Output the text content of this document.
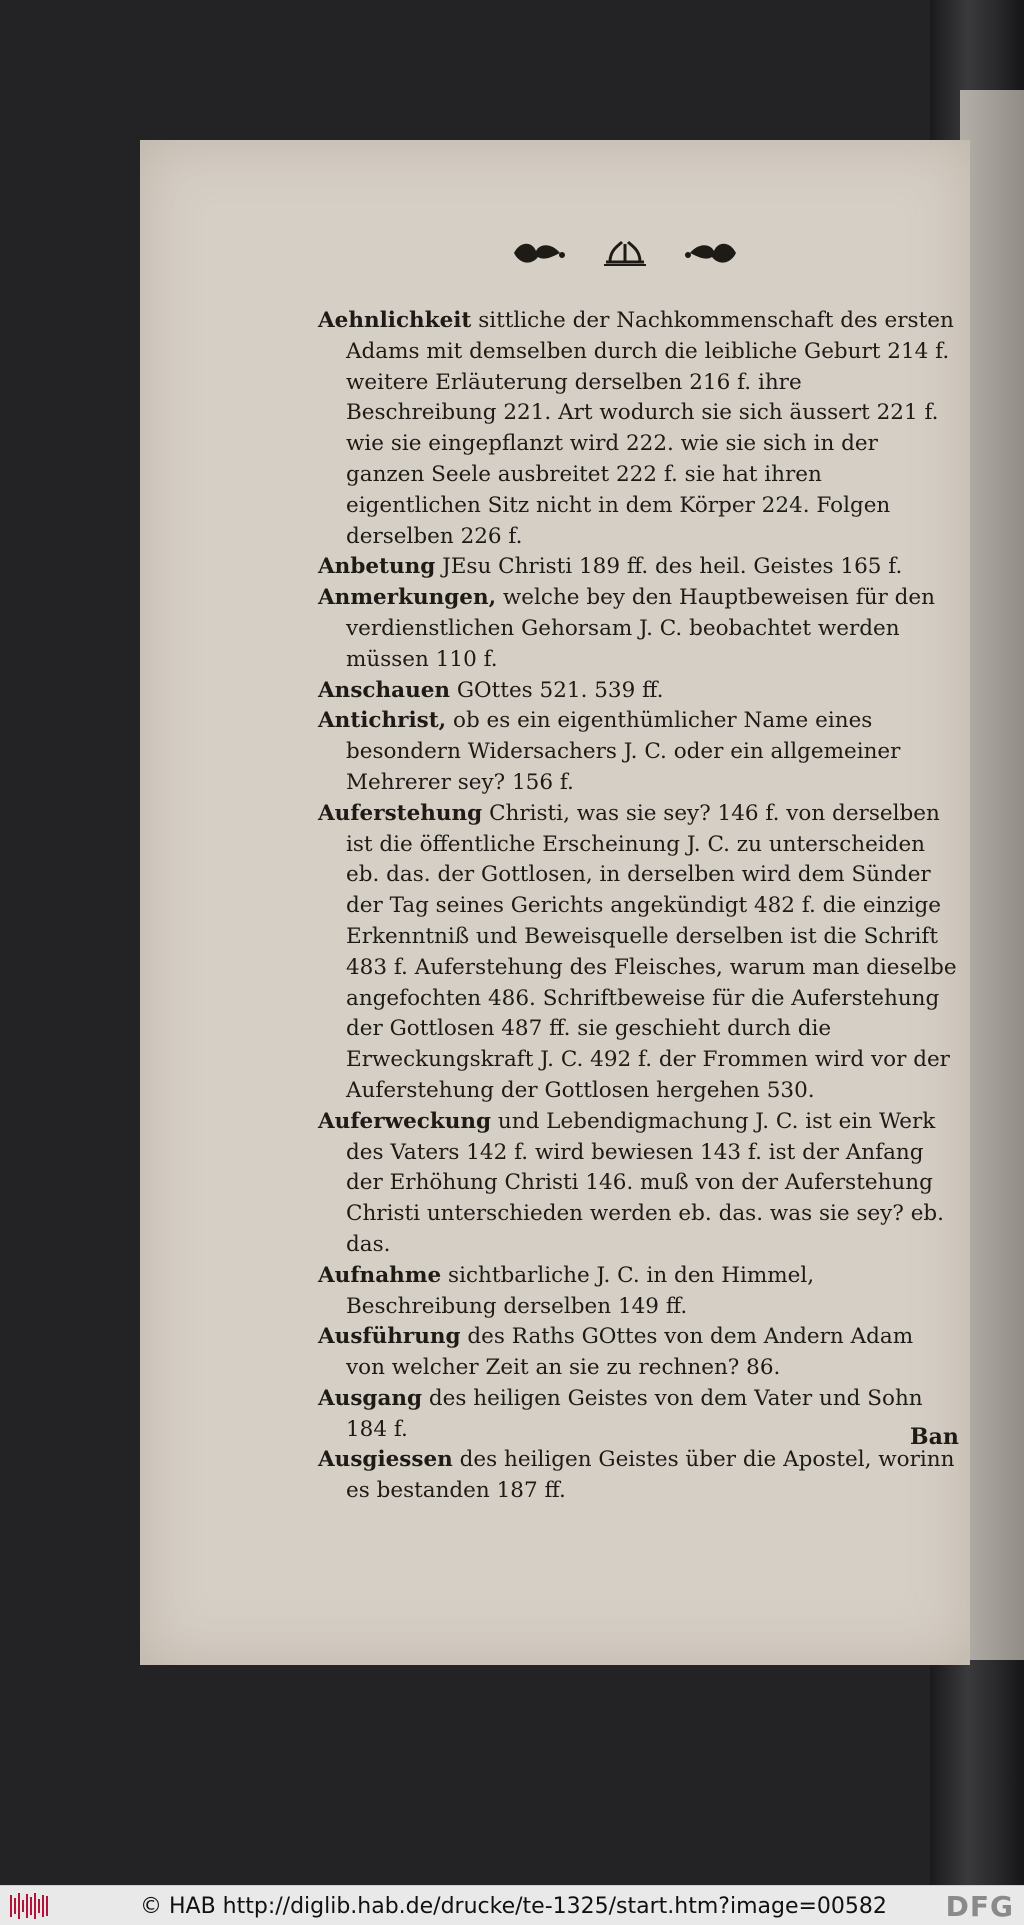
Aehnlichkeit sittliche der Nachkommenschaft des ersten Adams mit demselben durch die leibliche Geburt 214 f. weitere Erläuterung derselben 216 f. ihre Beschreibung 221. Art wodurch sie sich äussert 221 f. wie sie eingepflanzt wird 222. wie sie sich in der ganzen Seele ausbreitet 222 f. sie hat ihren eigentlichen Sitz nicht in dem Körper 224. Folgen derselben 226 f.

Anbetung JEsu Christi 189 ff. des heil. Geistes 165 f.

Anmerkungen, welche bey den Hauptbeweisen für den verdienstlichen Gehorsam J. C. beobachtet werden müssen 110 f.

Anschauen GOttes 521. 539 ff.

Antichrist, ob es ein eigenthümlicher Name eines besondern Widersachers J. C. oder ein allgemeiner Mehrerer sey? 156 f.

Auferstehung Christi, was sie sey? 146 f. von derselben ist die öffentliche Erscheinung J. C. zu unterscheiden eb. das. der Gottlosen, in derselben wird dem Sünder der Tag seines Gerichts angekündigt 482 f. die einzige Erkenntniß und Beweisquelle derselben ist die Schrift 483 f. Auferstehung des Fleisches, warum man dieselbe angefochten 486. Schriftbeweise für die Auferstehung der Gottlosen 487 ff. sie geschieht durch die Erweckungskraft J. C. 492 f. der Frommen wird vor der Auferstehung der Gottlosen hergehen 530.

Auferweckung und Lebendigmachung J. C. ist ein Werk des Vaters 142 f. wird bewiesen 143 f. ist der Anfang der Erhöhung Christi 146. muß von der Auferstehung Christi unterschieden werden eb. das. was sie sey? eb. das.

Aufnahme sichtbarliche J. C. in den Himmel, Beschreibung derselben 149 ff.

Ausführung des Raths GOttes von dem Andern Adam von welcher Zeit an sie zu rechnen? 86.

Ausgang des heiligen Geistes von dem Vater und Sohn 184 f.

Ausgiessen des heiligen Geistes über die Apostel, worinn es bestanden 187 ff.

Ban
© HAB http://diglib.hab.de/drucke/te-1325/start.htm?image=00582 DFG
